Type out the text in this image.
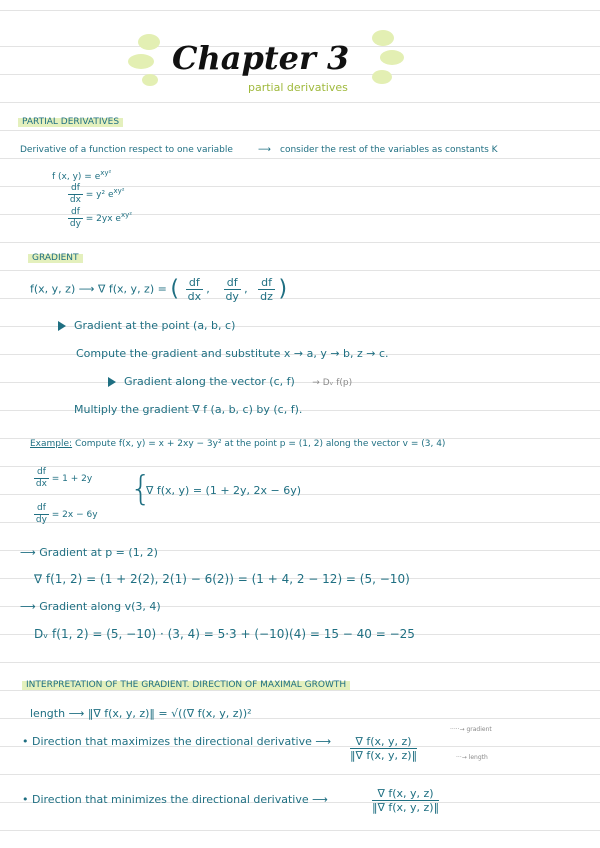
Chapter 3
partial derivatives
PARTIAL DERIVATIVES
Derivative of a function respect to one variable	⟶ consider the rest of the variables as constants K
f (x, $y) = e^{xy^2}$
$\frac{df}{dx} = y^2$ $e^{xy^2}$
$\frac{df}{dy} = 2yx$ $e^{xy^2}$
GRADIENT
f(x, y, z) ⟶ ∇ f(x, y, z) = ( $\frac{df}{dx}$ , $\frac{df}{dy}$ , $\frac{df}{dz}$ )
Gradient at the point (a, b, c)
Compute the gradient and substitute x → a, y → b, z → c.
Gradient along the vector (c, f) → Dᵥ f(p)
Multiply the gradient ∇ f (a, b, c) by (c, f).
Example: Compute f(x, y) = x + 2xy − 3y² at the point p = (1, 2) along the vector v = (3, 4)
$\frac{df}{dx} = 1 + 2y$
$\frac{df}{dy} = 2x - 6y$
{
∇ f(x, y) = (1 + 2y, 2x − 6y)
⟶ Gradient at p = (1, 2)
∇ f(1, 2) = (1 + 2(2), 2(1) − 6(2)) = (1 + 4, 2 − 12) = (5, −10)
⟶ Gradient along v(3, 4)
Dᵥ f(1, 2) = (5, −10) · (3, 4) = 5·3 + (−10)(4) = 15 − 40 = −25
INTERPRETATION OF THE GRADIENT. DIRECTION OF MAXIMAL GROWTH
length ⟶ ‖∇ f(x, y, z)‖ = √((∇ f(x, y, z))²
• Direction that maximizes the directional derivative ⟶ $\frac{\nabla f(x, y, z)}{‖\nabla f(x, y, z)‖}$
·····→ gradient
···→ length
• Direction that minimizes the directional derivative ⟶	$\frac{\nabla f(x, y, z)}{‖\nabla f(x, y, z)‖}$
